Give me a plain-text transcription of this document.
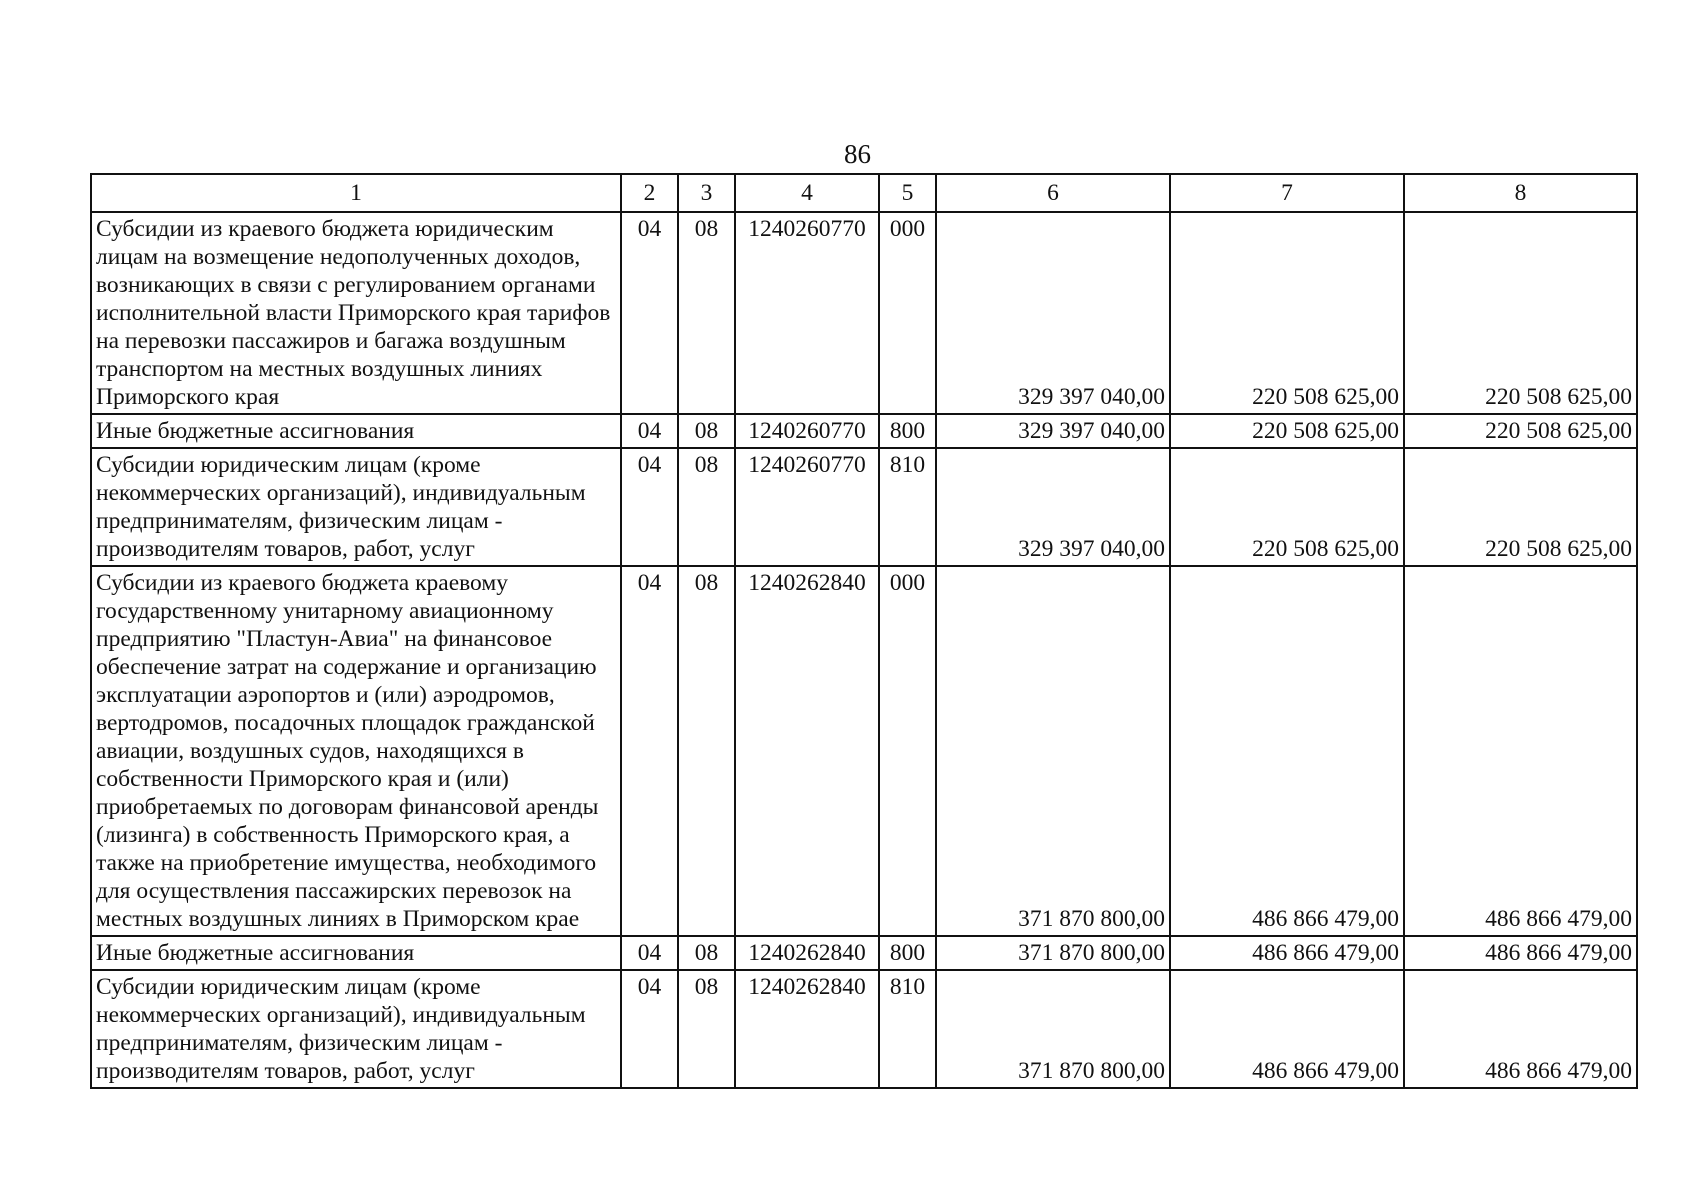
86
1	2	3	4	5	6	7	8
Субсидии из краевого бюджета юридическим лицам на возмещение недополученных доходов, возникающих в связи с регулированием органами исполнительной власти Приморского края тарифов на перевозки пассажиров и багажа воздушным транспортом на местных воздушных линиях Приморского края	04	08	1240260770	000	329 397 040,00	220 508 625,00	220 508 625,00
Иные бюджетные ассигнования	04	08	1240260770	800	329 397 040,00	220 508 625,00	220 508 625,00
Субсидии юридическим лицам (кроме некоммерческих организаций), индивидуальным предпринимателям, физическим лицам - производителям товаров, работ, услуг	04	08	1240260770	810	329 397 040,00	220 508 625,00	220 508 625,00
Субсидии из краевого бюджета краевому государственному унитарному авиационному предприятию "Пластун-Авиа" на финансовое обеспечение затрат на содержание и организацию эксплуатации аэропортов и (или) аэродромов, вертодромов, посадочных площадок гражданской авиации, воздушных судов, находящихся в собственности Приморского края и (или) приобретаемых по договорам финансовой аренды (лизинга) в собственность Приморского края, а также на приобретение имущества, необходимого для осуществления пассажирских перевозок на местных воздушных линиях в Приморском крае	04	08	1240262840	000	371 870 800,00	486 866 479,00	486 866 479,00
Иные бюджетные ассигнования	04	08	1240262840	800	371 870 800,00	486 866 479,00	486 866 479,00
Субсидии юридическим лицам (кроме некоммерческих организаций), индивидуальным предпринимателям, физическим лицам - производителям товаров, работ, услуг	04	08	1240262840	810	371 870 800,00	486 866 479,00	486 866 479,00
